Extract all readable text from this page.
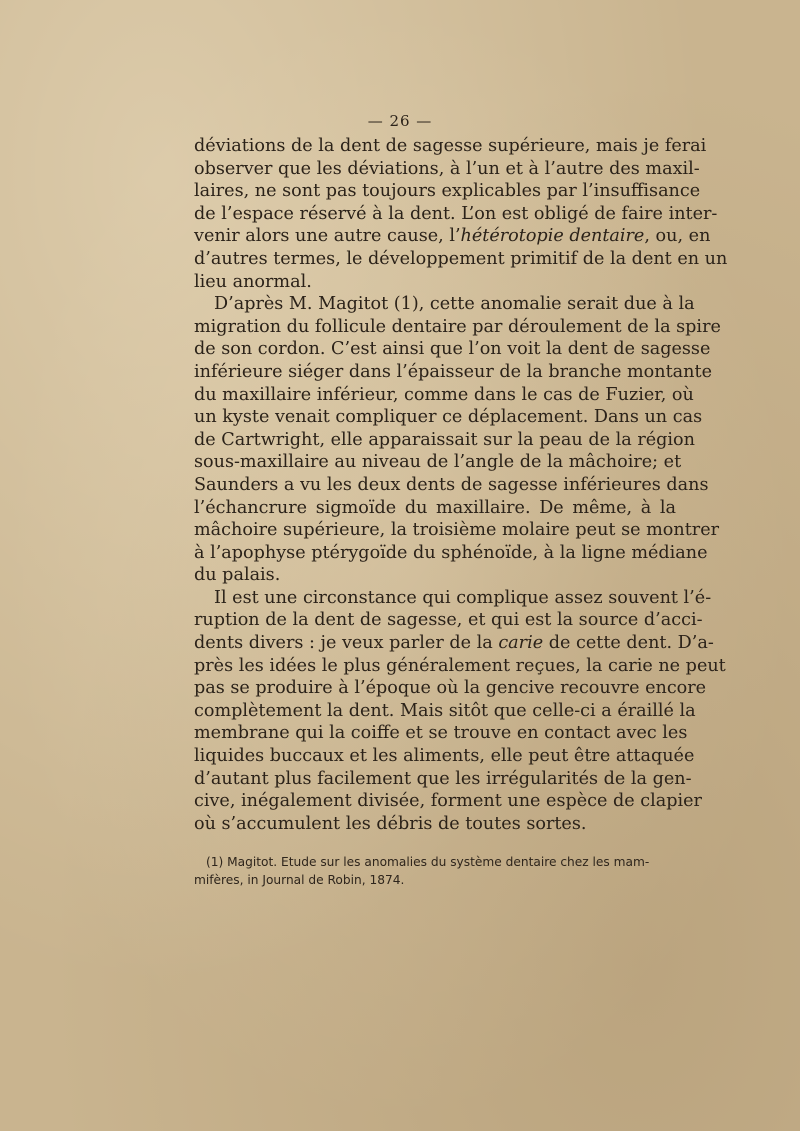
— 26 —

déviations de la dent de sagesse supérieure, mais je ferai
observer que les déviations, à l’un et à l’autre des maxil-
laires, ne sont pas toujours explicables par l’insuffisance
de l’espace réservé à la dent. L’on est obligé de faire inter-
venir alors une autre cause, l’hétérotopie dentaire, ou, en
d’autres termes, le développement primitif de la dent en un
lieu anormal.

D’après M. Magitot (1), cette anomalie serait due à la
migration du follicule dentaire par déroulement de la spire
de son cordon. C’est ainsi que l’on voit la dent de sagesse
inférieure siéger dans l’épaisseur de la branche montante
du maxillaire inférieur, comme dans le cas de Fuzier, où
un kyste venait compliquer ce déplacement. Dans un cas
de Cartwright, elle apparaissait sur la peau de la région
sous-maxillaire au niveau de l’angle de la mâchoire; et
Saunders a vu les deux dents de sagesse inférieures dans
l’échancrure sigmoïde du maxillaire. De même, à la
mâchoire supérieure, la troisième molaire peut se montrer
à l’apophyse ptérygoïde du sphénoïde, à la ligne médiane
du palais.

Il est une circonstance qui complique assez souvent l’é-
ruption de la dent de sagesse, et qui est la source d’acci-
dents divers : je veux parler de la carie de cette dent. D’a-
près les idées le plus généralement reçues, la carie ne peut
pas se produire à l’époque où la gencive recouvre encore
complètement la dent. Mais sitôt que celle-ci a éraillé la
membrane qui la coiffe et se trouve en contact avec les
liquides buccaux et les aliments, elle peut être attaquée
d’autant plus facilement que les irrégularités de la gen-
cive, inégalement divisée, forment une espèce de clapier
où s’accumulent les débris de toutes sortes.

(1) Magitot. Etude sur les anomalies du système dentaire chez les mam-
mifères, in Journal de Robin, 1874.
